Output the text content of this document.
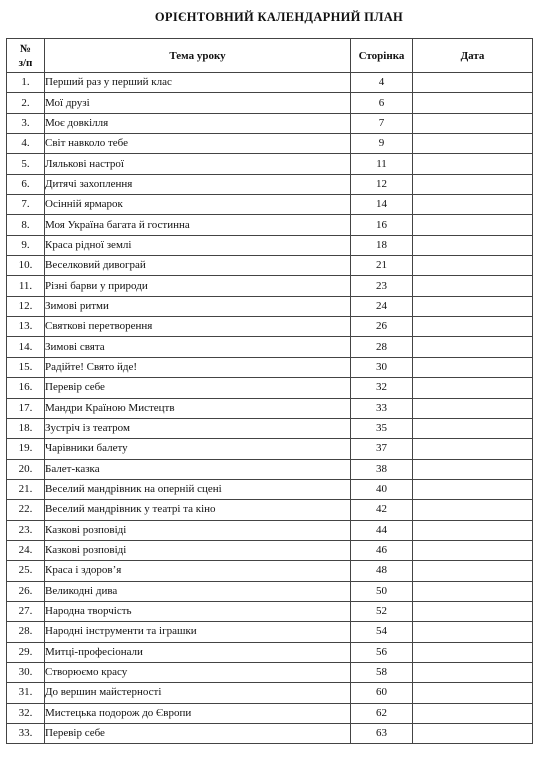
ОРІЄНТОВНИЙ КАЛЕНДАРНИЙ ПЛАН
№
з/п	Тема уроку	Сторінка	Дата
1.	Перший раз у перший клас	4	
2.	Мої друзі	6	
3.	Моє довкілля	7	
4.	Світ навколо тебе	9	
5.	Лялькові настрої	11	
6.	Дитячі захоплення	12	
7.	Осінній ярмарок	14	
8.	Моя Україна багата й гостинна	16	
9.	Краса рідної землі	18	
10.	Веселковий дивограй	21	
11.	Різні барви у природи	23	
12.	Зимові ритми	24	
13.	Святкові перетворення	26	
14.	Зимові свята	28	
15.	Радійте! Свято йде!	30	
16.	Перевір себе	32	
17.	Мандри Країною Мистецтв	33	
18.	Зустріч із театром	35	
19.	Чарівники балету	37	
20.	Балет-казка	38	
21.	Веселий мандрівник на оперній сцені	40	
22.	Веселий мандрівник у театрі та кіно	42	
23.	Казкові розповіді	44	
24.	Казкові розповіді	46	
25.	Краса і здоров’я	48	
26.	Великодні дива	50	
27.	Народна творчість	52	
28.	Народні інструменти та іграшки	54	
29.	Митці-професіонали	56	
30.	Створюємо красу	58	
31.	До вершин майстерності	60	
32.	Мистецька подорож до Європи	62	
33.	Перевір себе	63	
